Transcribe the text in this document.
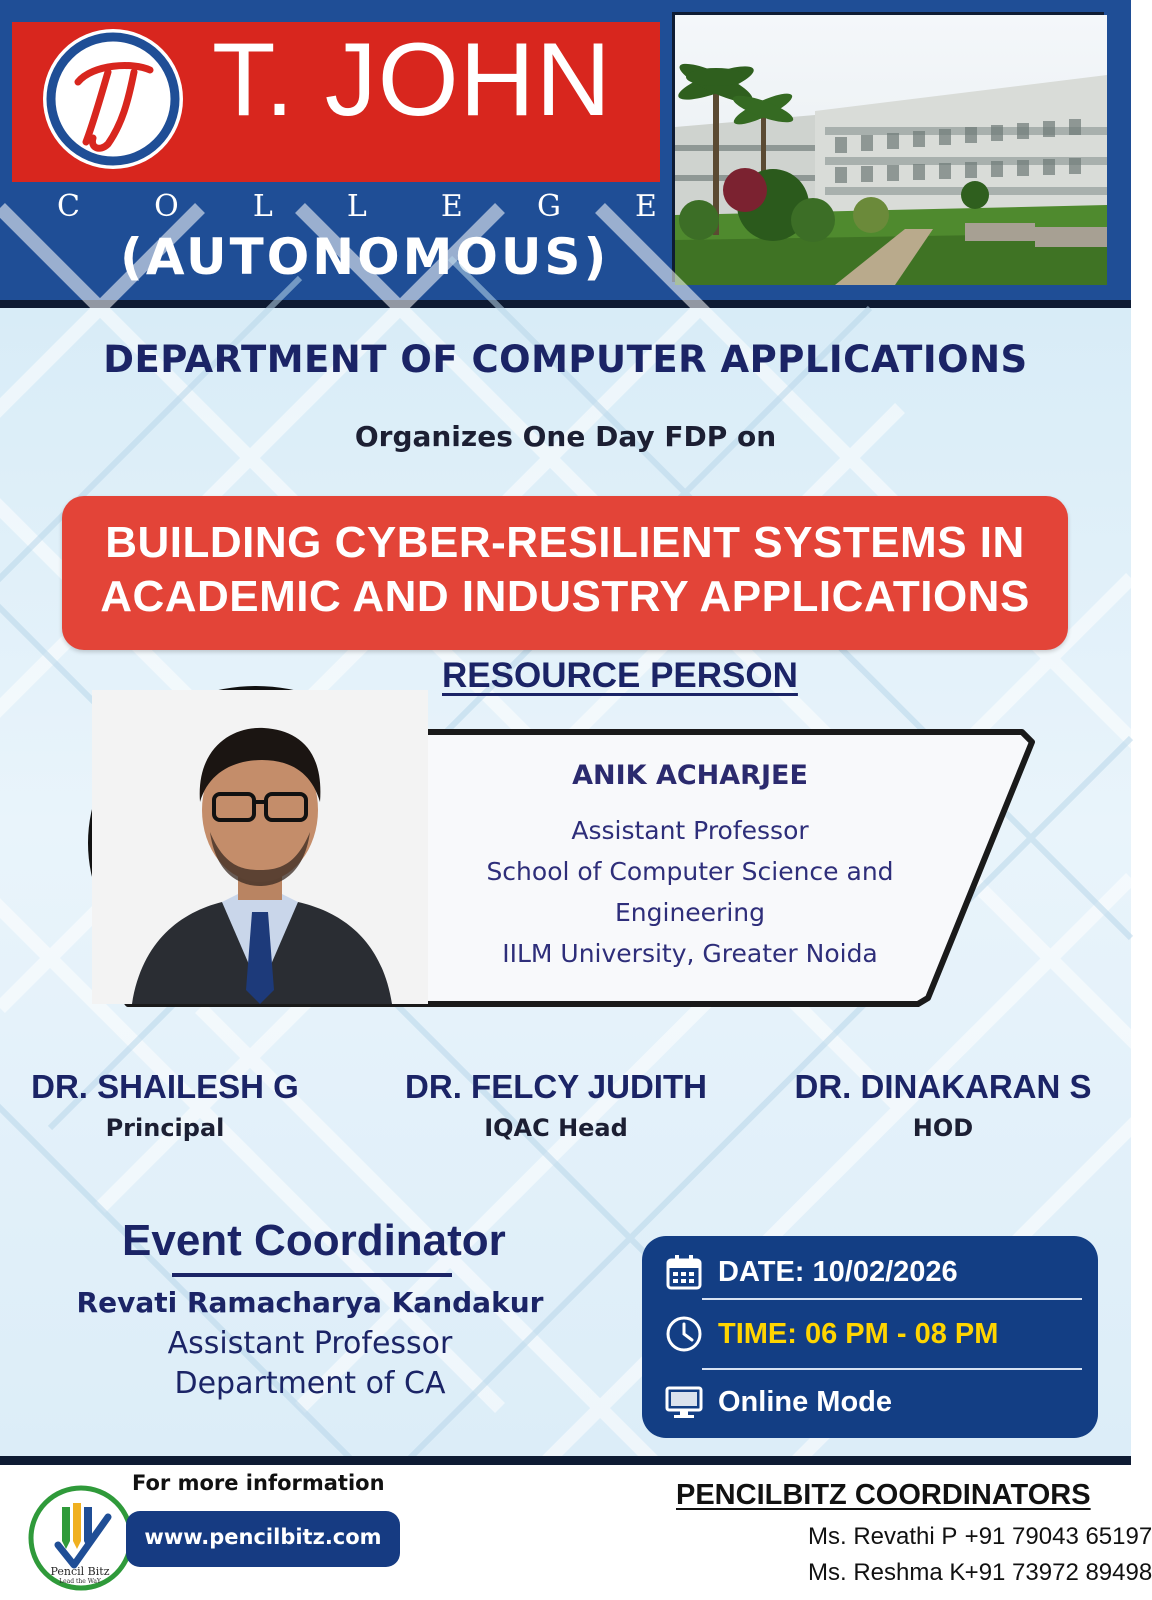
T. JOHN
C O L L E G E
(AUTONOMOUS)
DEPARTMENT OF COMPUTER APPLICATIONS
Organizes One Day FDP on
BUILDING CYBER-RESILIENT SYSTEMS IN
ACADEMIC AND INDUSTRY APPLICATIONS
RESOURCE PERSON
ANIK ACHARJEE
Assistant Professor
School of Computer Science and
Engineering
IILM University, Greater Noida
DR. SHAILESH G
Principal
DR. FELCY JUDITH
IQAC Head
DR. DINAKARAN S
HOD
Event Coordinator
Revati Ramacharya Kandakur
Assistant Professor
Department of CA
DATE: 10/02/2026
TIME: 06 PM - 08 PM
Online Mode
Pencil Bitz
Lead the WaY
For more information
www.pencilbitz.com
PENCILBITZ COORDINATORS
Ms. Revathi P +91 79043 65197
Ms. Reshma K +91 73972 89498
